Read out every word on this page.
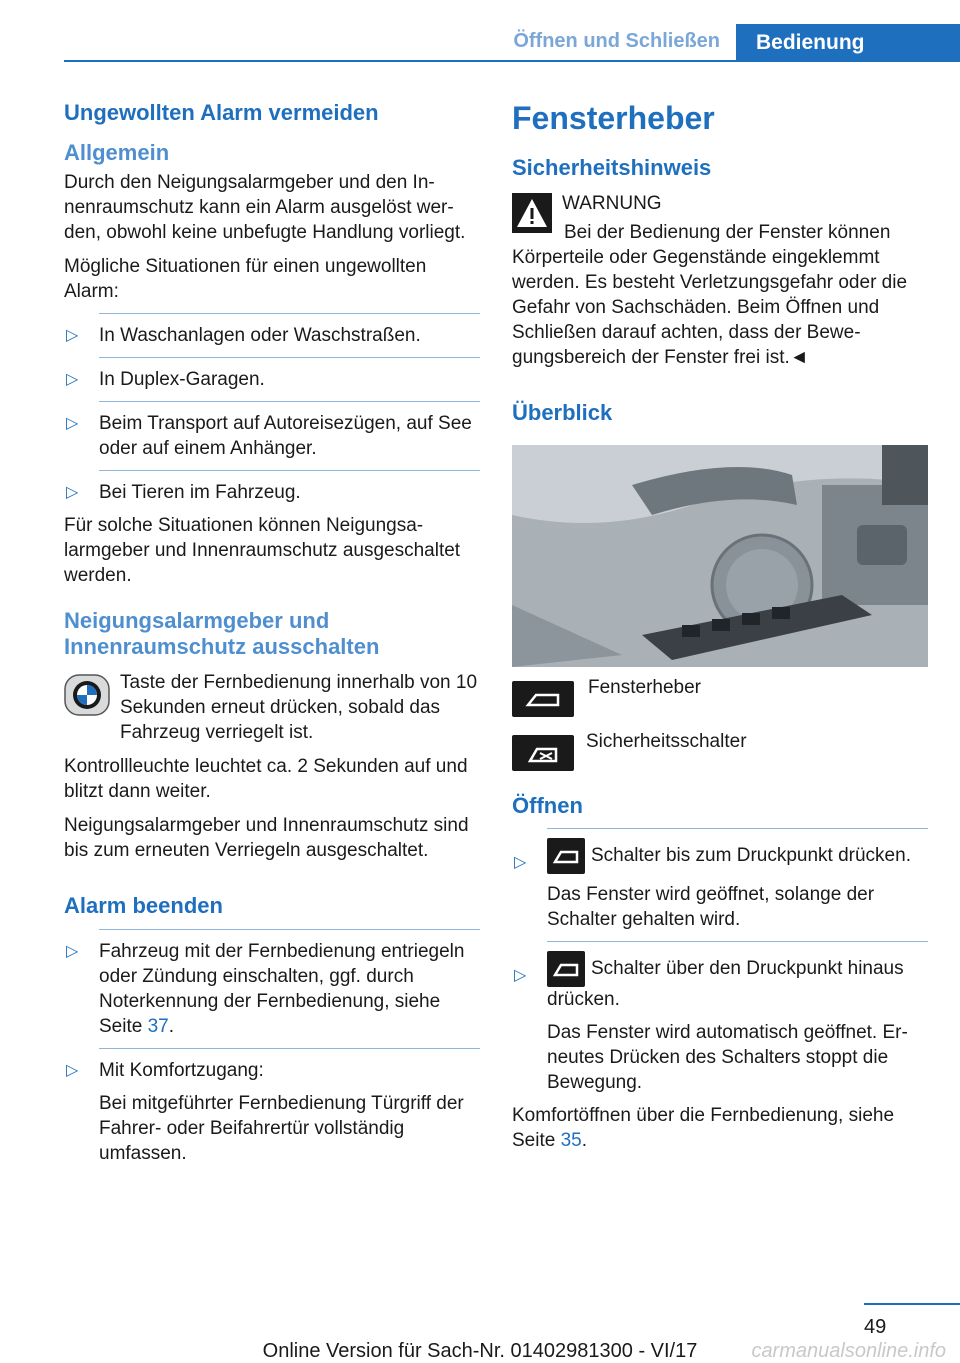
Öffnen und Schließen	Bedienung
Ungewollten Alarm vermeiden
Allgemein

Durch den Neigungsalarmgeber und den Innenraumschutz kann ein Alarm ausgelöst werden, obwohl keine unbefugte Handlung vorliegt.

Mögliche Situationen für einen ungewollten Alarm:

▷ In Waschanlagen oder Waschstraßen.
▷ In Duplex-Garagen.
▷ Beim Transport auf Autoreisezügen, auf See oder auf einem Anhänger.
▷ Bei Tieren im Fahrzeug.

Für solche Situationen können Neigungsalarmgeber und Innenraumschutz ausgeschaltet werden.

Neigungsalarmgeber und Innenraumschutz ausschalten

Taste der Fernbedienung innerhalb von 10 Sekunden erneut drücken, sobald das Fahrzeug verriegelt ist.

Kontrollleuchte leuchtet ca. 2 Sekunden auf und blitzt dann weiter.

Neigungsalarmgeber und Innenraumschutz sind bis zum erneuten Verriegeln ausgeschaltet.

Alarm beenden
▷ Fahrzeug mit der Fernbedienung entriegeln oder Zündung einschalten, ggf. durch Noterkennung der Fernbedienung, siehe Seite 37.
▷ Mit Komfortzugang:
Bei mitgeführter Fernbedienung Türgriff der Fahrer- oder Beifahrertür vollständig umfassen.
Fensterheber
Sicherheitshinweis

WARNUNG

Bei der Bedienung der Fenster können Körperteile oder Gegenstände eingeklemmt werden. Es besteht Verletzungsgefahr oder die Gefahr von Sachschäden. Beim Öffnen und Schließen darauf achten, dass der Bewegungsbereich der Fenster frei ist.◄

Überblick
Fensterheber
Sicherheitsschalter
Öffnen
▷	Schalter bis zum Druckpunkt drücken.
Das Fenster wird geöffnet, solange der Schalter gehalten wird.
▷	Schalter über den Druckpunkt hinaus drücken.
Das Fenster wird automatisch geöffnet. Erneutes Drücken des Schalters stoppt die Bewegung.

Komfortöffnen über die Fernbedienung, siehe Seite 35.

49
Online Version für Sach-Nr. 01402981300 - VI/17	carmanualsonline.info
